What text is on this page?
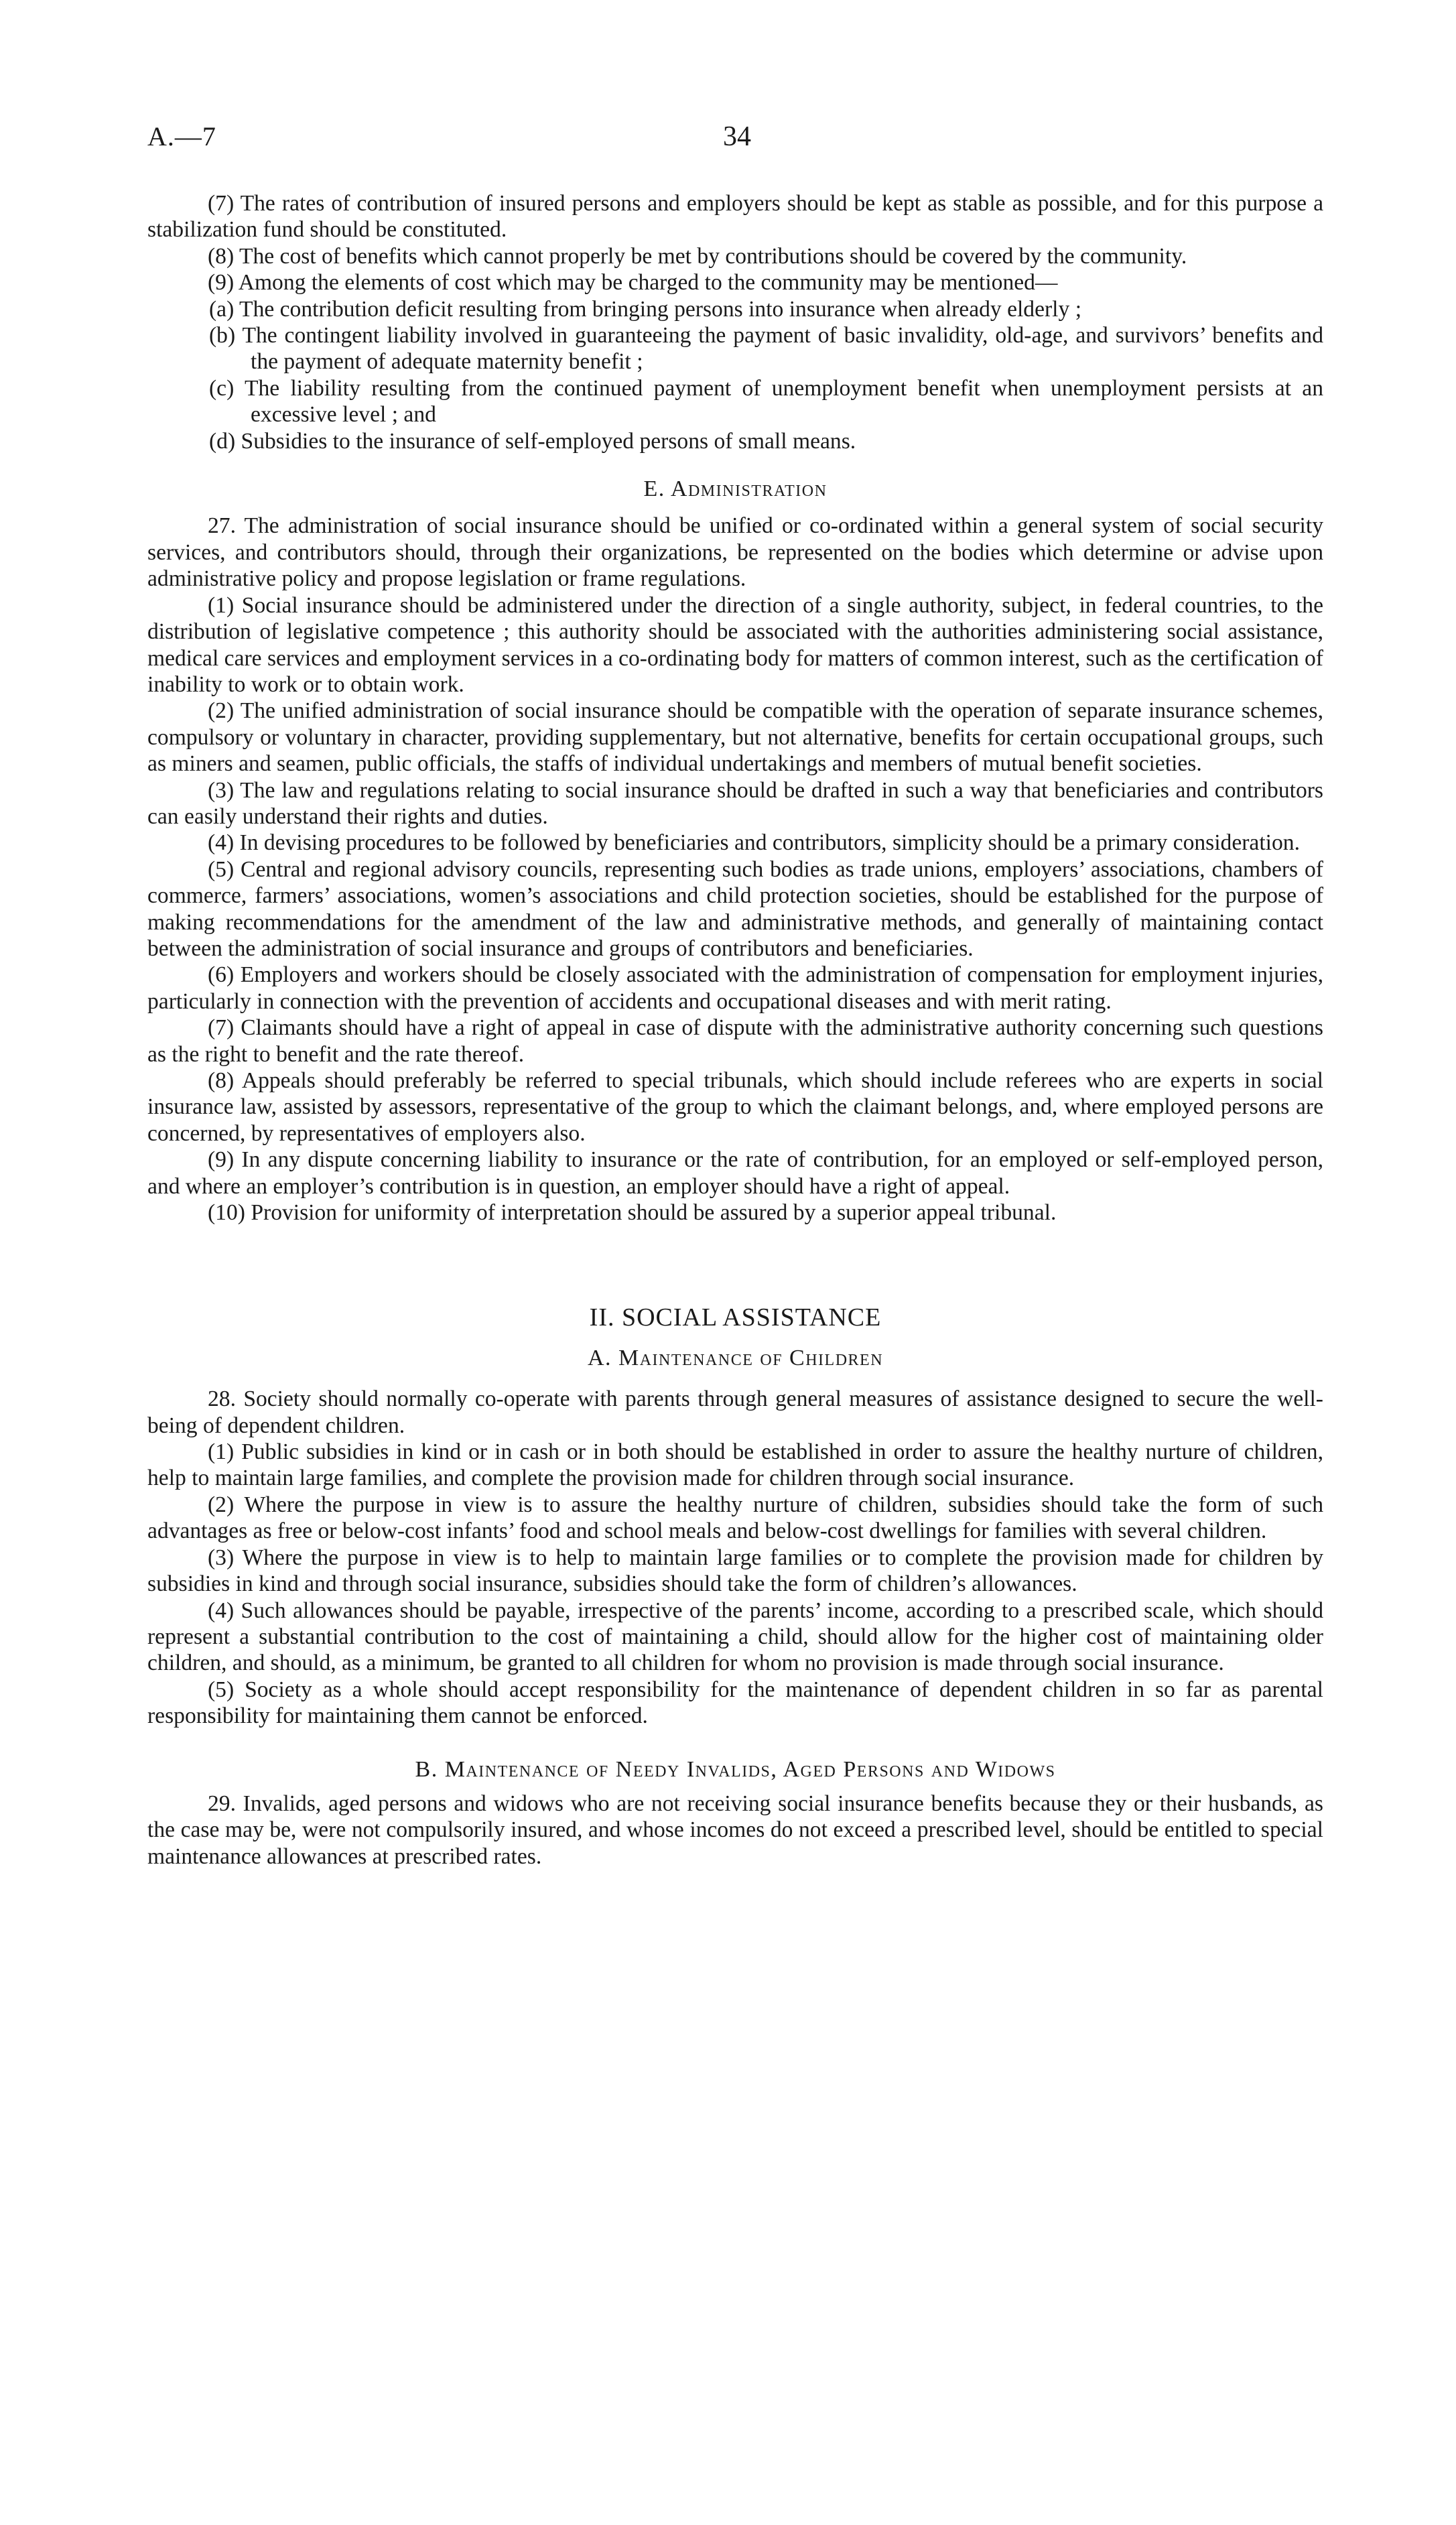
A.—7	34

(7) The rates of contribution of insured persons and employers should be kept as stable as possible, and for this purpose a stabilization fund should be constituted.

(8) The cost of benefits which cannot properly be met by contributions should be covered by the community.

(9) Among the elements of cost which may be charged to the community may be mentioned—

(a) The contribution deficit resulting from bringing persons into insurance when already elderly ;

(b) The contingent liability involved in guaranteeing the payment of basic invalidity, old-age, and survivors’ benefits and the payment of adequate maternity benefit ;

(c) The liability resulting from the continued payment of unemployment benefit when unemployment persists at an excessive level ; and

(d) Subsidies to the insurance of self-employed persons of small means.

E. Administration

27. The administration of social insurance should be unified or co-ordinated within a general system of social security services, and contributors should, through their organizations, be represented on the bodies which determine or advise upon administrative policy and propose legislation or frame regulations.

(1) Social insurance should be administered under the direction of a single authority, subject, in federal countries, to the distribution of legislative competence ; this authority should be associated with the authorities administering social assistance, medical care services and employment services in a co-ordinating body for matters of common interest, such as the certification of inability to work or to obtain work.

(2) The unified administration of social insurance should be compatible with the operation of separate insurance schemes, compulsory or voluntary in character, providing supplementary, but not alternative, benefits for certain occupational groups, such as miners and seamen, public officials, the staffs of individual undertakings and members of mutual benefit societies.

(3) The law and regulations relating to social insurance should be drafted in such a way that beneficiaries and contributors can easily understand their rights and duties.

(4) In devising procedures to be followed by beneficiaries and contributors, simplicity should be a primary consideration.

(5) Central and regional advisory councils, representing such bodies as trade unions, employers’ associations, chambers of commerce, farmers’ associations, women’s associations and child protection societies, should be established for the purpose of making recommendations for the amendment of the law and administrative methods, and generally of maintaining contact between the administration of social insurance and groups of contributors and beneficiaries.

(6) Employers and workers should be closely associated with the administration of compensation for employment injuries, particularly in connection with the prevention of accidents and occupational diseases and with merit rating.

(7) Claimants should have a right of appeal in case of dispute with the administrative authority concerning such questions as the right to benefit and the rate thereof.

(8) Appeals should preferably be referred to special tribunals, which should include referees who are experts in social insurance law, assisted by assessors, representative of the group to which the claimant belongs, and, where employed persons are concerned, by representatives of employers also.

(9) In any dispute concerning liability to insurance or the rate of contribution, for an employed or self-employed person, and where an employer’s contribution is in question, an employer should have a right of appeal.

(10) Provision for uniformity of interpretation should be assured by a superior appeal tribunal.

II. SOCIAL ASSISTANCE
A. Maintenance of Children

28. Society should normally co-operate with parents through general measures of assistance designed to secure the well-being of dependent children.

(1) Public subsidies in kind or in cash or in both should be established in order to assure the healthy nurture of children, help to maintain large families, and complete the provision made for children through social insurance.

(2) Where the purpose in view is to assure the healthy nurture of children, subsidies should take the form of such advantages as free or below-cost infants’ food and school meals and below-cost dwellings for families with several children.

(3) Where the purpose in view is to help to maintain large families or to complete the provision made for children by subsidies in kind and through social insurance, subsidies should take the form of children’s allowances.

(4) Such allowances should be payable, irrespective of the parents’ income, according to a prescribed scale, which should represent a substantial contribution to the cost of maintaining a child, should allow for the higher cost of maintaining older children, and should, as a minimum, be granted to all children for whom no provision is made through social insurance.

(5) Society as a whole should accept responsibility for the maintenance of dependent children in so far as parental responsibility for maintaining them cannot be enforced.

B. Maintenance of Needy Invalids, Aged Persons and Widows

29. Invalids, aged persons and widows who are not receiving social insurance benefits because they or their husbands, as the case may be, were not compulsorily insured, and whose incomes do not exceed a prescribed level, should be entitled to special maintenance allowances at prescribed rates.
